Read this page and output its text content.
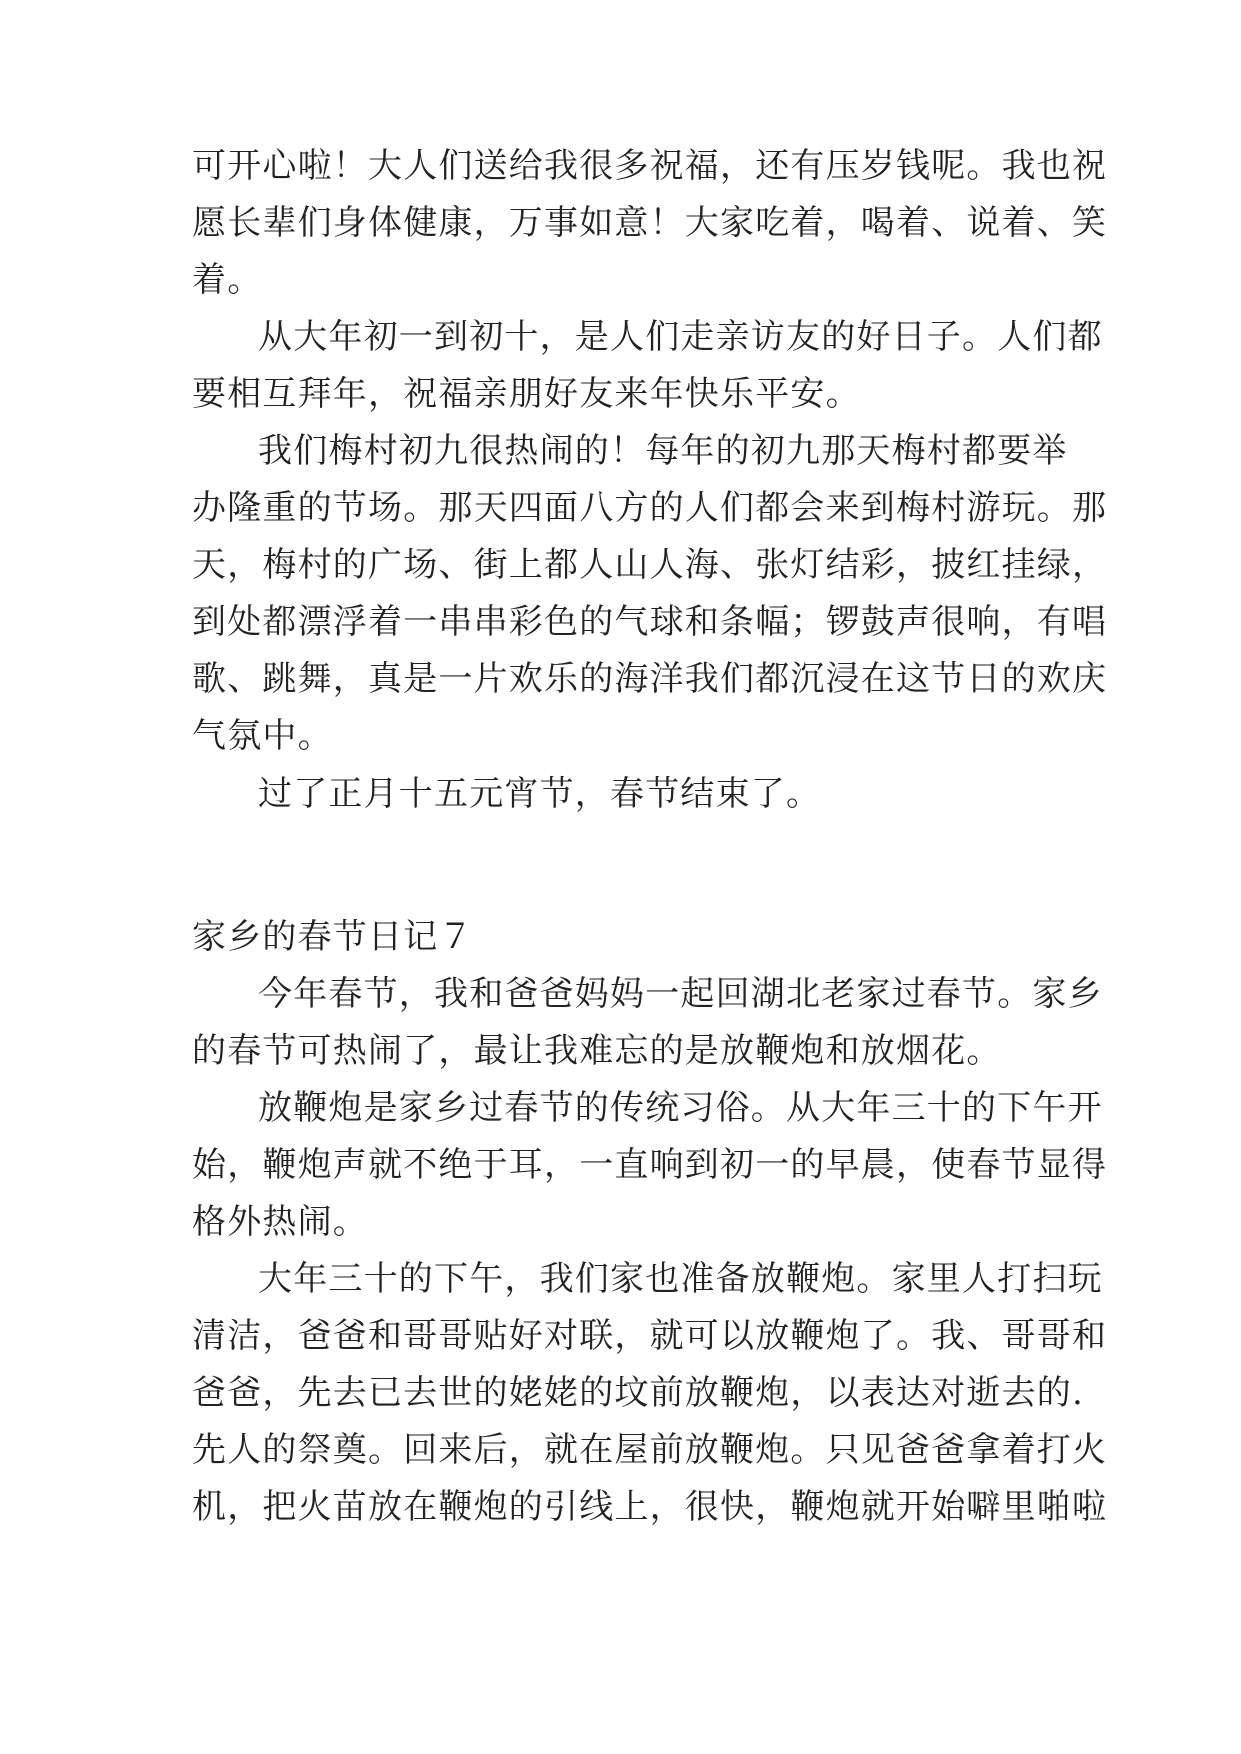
可开心啦！大人们送给我很多祝福，还有压岁钱呢。我也祝
愿长辈们身体健康，万事如意！大家吃着，喝着、说着、笑
着。
从大年初一到初十，是人们走亲访友的好日子。人们都
要相互拜年，祝福亲朋好友来年快乐平安。
我们梅村初九很热闹的！每年的初九那天梅村都要举
办隆重的节场。那天四面八方的人们都会来到梅村游玩。那
天，梅村的广场、街上都人山人海、张灯结彩，披红挂绿，
到处都漂浮着一串串彩色的气球和条幅；锣鼓声很响，有唱
歌、跳舞，真是一片欢乐的海洋我们都沉浸在这节日的欢庆
气氛中。
过了正月十五元宵节，春节结束了。
家乡的春节日记７
今年春节，我和爸爸妈妈一起回湖北老家过春节。家乡
的春节可热闹了，最让我难忘的是放鞭炮和放烟花。
放鞭炮是家乡过春节的传统习俗。从大年三十的下午开
始，鞭炮声就不绝于耳，一直响到初一的早晨，使春节显得
格外热闹。
大年三十的下午，我们家也准备放鞭炮。家里人打扫玩
清洁，爸爸和哥哥贴好对联，就可以放鞭炮了。我、哥哥和
爸爸，先去已去世的姥姥的坟前放鞭炮，以表达对逝去的.
先人的祭奠。回来后，就在屋前放鞭炮。只见爸爸拿着打火
机，把火苗放在鞭炮的引线上，很快，鞭炮就开始噼里啪啦
